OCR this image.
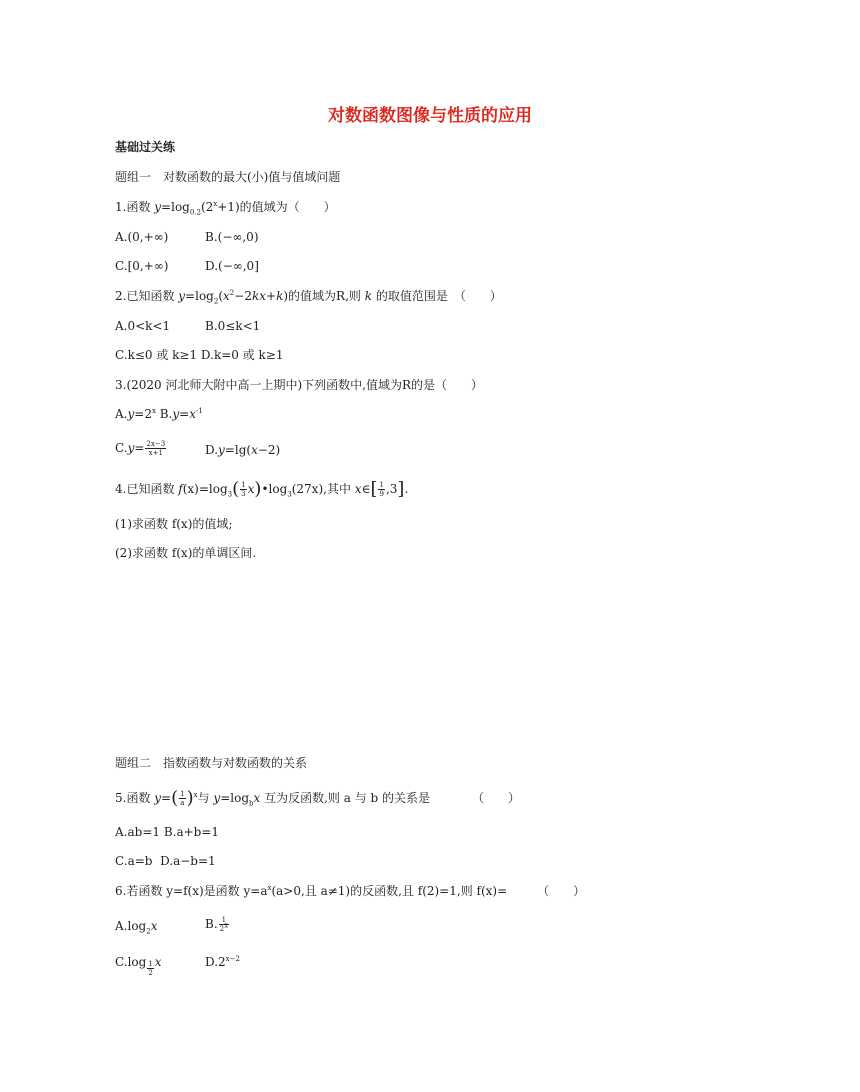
对数函数图像与性质的应用
基础过关练
题组一　对数函数的最大(小)值与值域问题
1.函数 $y=\log_{0.2}(2^x+1)$的值域为（　　）
A.(0,+∞)	B.(−∞,0)
C.[0,+∞)	D.(−∞,0]
2.已知函数 $y=\log_2(x^2-2kx+k)$的值域为R,则 k 的取值范围是　（　　）
A.0<k<1	B.0≤k<1
C.k≤0 或 k≥1 D.k=0 或 k≥1
3.(2020 河北师大附中高一上期中)下列函数中,值域为R的是（　　）
$A.y=2^x$ $B.y=x^{-1}$
$C.y= \frac{2x-3}{x+1}$	D.y=lg(x−2)
4.已知函数 $f(x)=\log_3( \frac{1}{3}$ $x)•\log_3(27x)$,其中 x∈[ $\frac{1}{9} ,3$].
(1)求函数 f(x)的值域;
(2)求函数 f(x)的单调区间.
题组二　指数函数与对数函数的关系
5.函数 $y=( \frac{1}{a} )^x$与 $y=\log_bx$ 互为反函数,则 a 与 b 的关系是　　　　（　　）
A.ab=1 B.a+b=1
C.a=b  D.a−b=1
6.若函数 y=f(x)是函数 $y=a^x(a>0$,且 a≠1)的反函数,且 f(2)=1,则 f(x)=　　　（　　）
$A.\log_2x$	B. $\frac{1}{2^x}$
$C.\log \frac{1}{2}$ x	$D.2^{x-2}$
